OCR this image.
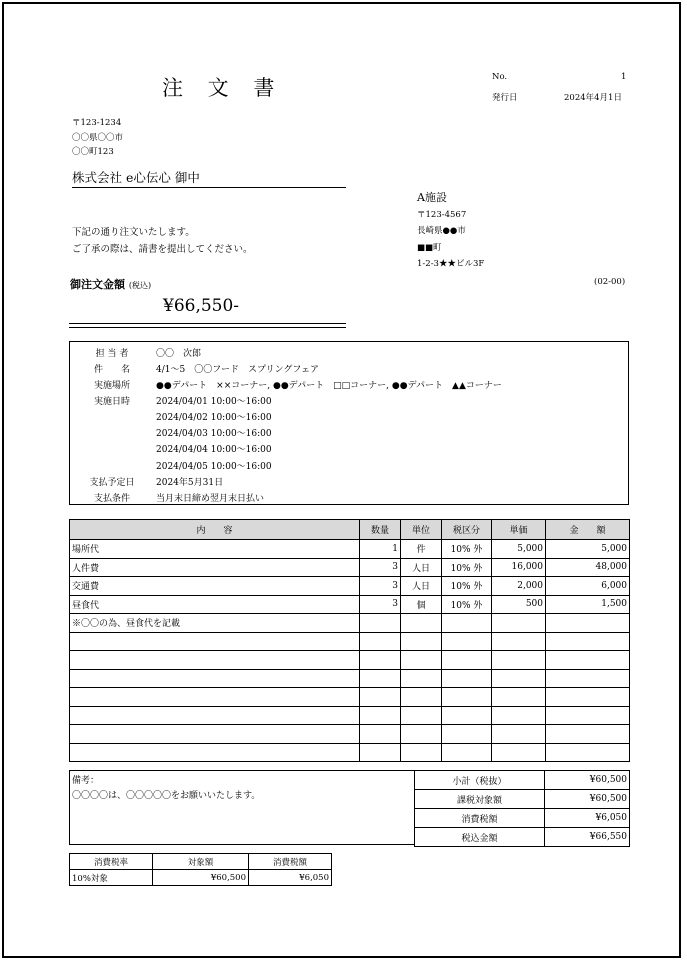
注 文 書	No.	1
発行日	2024年4月1日
〒123-1234
〇〇県〇〇市
〇〇町123
株式会社 e心伝心 御中
下記の通り注文いたします。
ご了承の際は、請書を提出してください。
A施設
〒123-4567
長崎県●●市
■■町
1-2-3★★ビル3F
御注文金額 (税込)	(02-00)
¥66,550-
担 当 者	〇〇　次郎
件　　名	4/1～5　〇〇フード　スプリングフェア
実施場所	●●デパート　××コーナー, ●●デパート　□□コーナー, ●●デパート　▲▲コーナー
実施日時	2024/04/01 10:00～16:00
2024/04/02 10:00～16:00
2024/04/03 10:00～16:00
2024/04/04 10:00～16:00
2024/04/05 10:00～16:00
支払予定日	2024年5月31日
支払条件	当月末日締め翌月末日払い
内　　容	数量	単位	税区分	単価	金　　額
場所代	1	件	10% 外	5,000	5,000
人件費	3	人日	10% 外	16,000	48,000
交通費	3	人日	10% 外	2,000	6,000
昼食代	3	個	10% 外	500	1,500
※〇〇の為、昼食代を記載					

備考：
〇〇〇〇は、〇〇〇〇〇をお願いいたします。
小計（税抜）	¥60,500
課税対象額	¥60,500
消費税額	¥6,050
税込金額	¥66,550
消費税率	対象額	消費税額
10%対象	¥60,500	¥6,050
